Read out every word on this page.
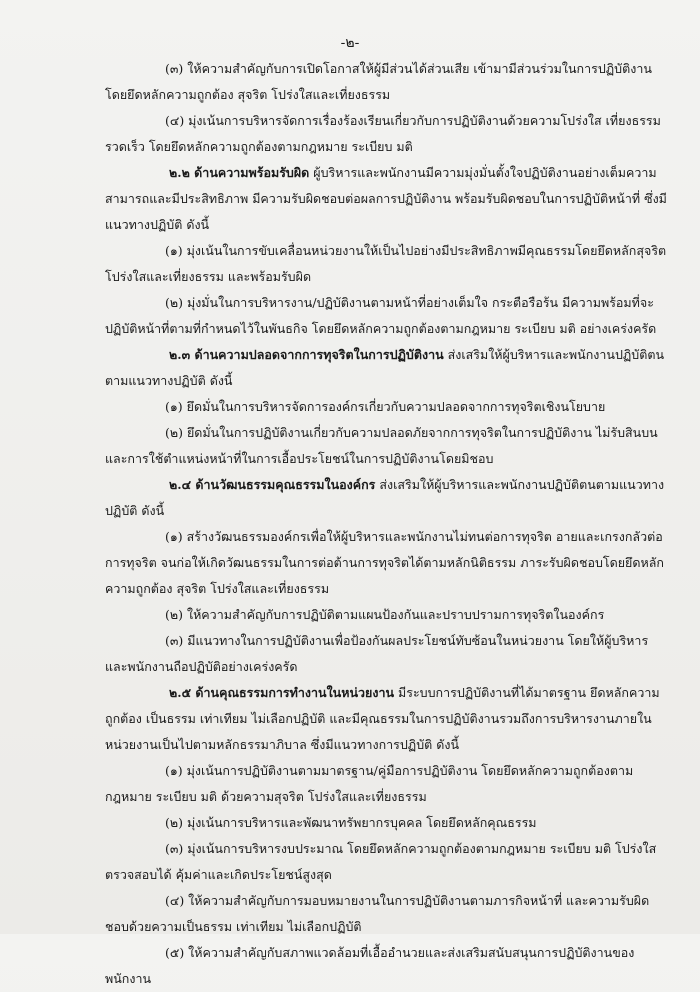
-๒-

(๓) ให้ความสำคัญกับการเปิดโอกาสให้ผู้มีส่วนได้ส่วนเสีย เข้ามามีส่วนร่วมในการปฏิบัติงาน โดยยึดหลักความถูกต้อง สุจริต โปร่งใสและเที่ยงธรรม

(๔) มุ่งเน้นการบริหารจัดการเรื่องร้องเรียนเกี่ยวกับการปฏิบัติงานด้วยความโปร่งใส เที่ยงธรรม รวดเร็ว โดยยึดหลักความถูกต้องตามกฎหมาย ระเบียบ มติ

๒.๒ ด้านความพร้อมรับผิด ผู้บริหารและพนักงานมีความมุ่งมั่นตั้งใจปฏิบัติงานอย่างเต็มความสามารถและมีประสิทธิภาพ มีความรับผิดชอบต่อผลการปฏิบัติงาน พร้อมรับผิดชอบในการปฏิบัติหน้าที่ ซึ่งมีแนวทางปฏิบัติ ดังนี้

(๑) มุ่งเน้นในการขับเคลื่อนหน่วยงานให้เป็นไปอย่างมีประสิทธิภาพมีคุณธรรมโดยยึดหลักสุจริต โปร่งใสและเที่ยงธรรม และพร้อมรับผิด

(๒) มุ่งมั่นในการบริหารงาน/ปฏิบัติงานตามหน้าที่อย่างเต็มใจ กระตือรือร้น มีความพร้อมที่จะปฏิบัติหน้าที่ตามที่กำหนดไว้ในพันธกิจ โดยยึดหลักความถูกต้องตามกฎหมาย ระเบียบ มติ อย่างเคร่งครัด

๒.๓ ด้านความปลอดจากการทุจริตในการปฏิบัติงาน ส่งเสริมให้ผู้บริหารและพนักงานปฏิบัติตนตามแนวทางปฏิบัติ ดังนี้

(๑) ยึดมั่นในการบริหารจัดการองค์กรเกี่ยวกับความปลอดจากการทุจริตเชิงนโยบาย

(๒) ยึดมั่นในการปฏิบัติงานเกี่ยวกับความปลอดภัยจากการทุจริตในการปฏิบัติงาน ไม่รับสินบนและการใช้ตำแหน่งหน้าที่ในการเอื้อประโยชน์ในการปฏิบัติงานโดยมิชอบ

๒.๔ ด้านวัฒนธรรมคุณธรรมในองค์กร ส่งเสริมให้ผู้บริหารและพนักงานปฏิบัติตนตามแนวทางปฏิบัติ ดังนี้

(๑) สร้างวัฒนธรรมองค์กรเพื่อให้ผู้บริหารและพนักงานไม่ทนต่อการทุจริต อายและเกรงกลัวต่อการทุจริต จนก่อให้เกิดวัฒนธรรมในการต่อต้านการทุจริตได้ตามหลักนิติธรรม ภาระรับผิดชอบโดยยึดหลักความถูกต้อง สุจริต โปร่งใสและเที่ยงธรรม

(๒) ให้ความสำคัญกับการปฏิบัติตามแผนป้องกันและปราบปรามการทุจริตในองค์กร

(๓) มีแนวทางในการปฏิบัติงานเพื่อป้องกันผลประโยชน์ทับซ้อนในหน่วยงาน โดยให้ผู้บริหารและพนักงานถือปฏิบัติอย่างเคร่งครัด

๒.๕ ด้านคุณธรรมการทำงานในหน่วยงาน มีระบบการปฏิบัติงานที่ได้มาตรฐาน ยึดหลักความถูกต้อง เป็นธรรม เท่าเทียม ไม่เลือกปฏิบัติ และมีคุณธรรมในการปฏิบัติงานรวมถึงการบริหารงานภายในหน่วยงานเป็นไปตามหลักธรรมาภิบาล ซึ่งมีแนวทางการปฏิบัติ ดังนี้

(๑) มุ่งเน้นการปฏิบัติงานตามมาตรฐาน/คู่มือการปฏิบัติงาน โดยยึดหลักความถูกต้องตามกฎหมาย ระเบียบ มติ ด้วยความสุจริต โปร่งใสและเที่ยงธรรม

(๒) มุ่งเน้นการบริหารและพัฒนาทรัพยากรบุคคล โดยยึดหลักคุณธรรม

(๓) มุ่งเน้นการบริหารงบประมาณ โดยยึดหลักความถูกต้องตามกฎหมาย ระเบียบ มติ โปร่งใส ตรวจสอบได้ คุ้มค่าและเกิดประโยชน์สูงสุด

(๔) ให้ความสำคัญกับการมอบหมายงานในการปฏิบัติงานตามภารกิจหน้าที่ และความรับผิดชอบด้วยความเป็นธรรม เท่าเทียม ไม่เลือกปฏิบัติ

(๕) ให้ความสำคัญกับสภาพแวดล้อมที่เอื้ออำนวยและส่งเสริมสนับสนุนการปฏิบัติงานของพนักงาน
